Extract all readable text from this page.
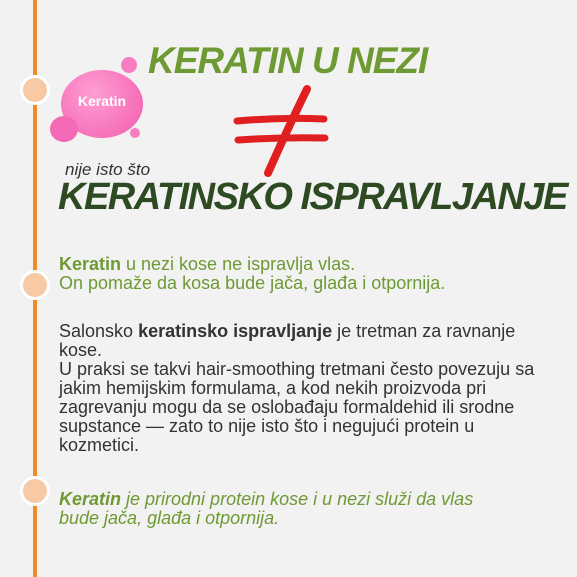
Keratin
KERATIN U NEZI
nije isto što
KERATINSKO ISPRAVLJANJE
Keratin u nezi kose ne ispravlja vlas.
On pomaže da kosa bude jača, glađa i otpornija.
Salonsko keratinsko ispravljanje je tretman za ravnanje kose.
U praksi se takvi hair-smoothing tretmani često povezuju sa jakim hemijskim formulama, a kod nekih proizvoda pri zagrevanju mogu da se oslobađaju formaldehid ili srodne supstance — zato to nije isto što i negujući protein u kozmetici.
Keratin je prirodni protein kose i u nezi služi da vlas bude jača, glađa i otpornija.
